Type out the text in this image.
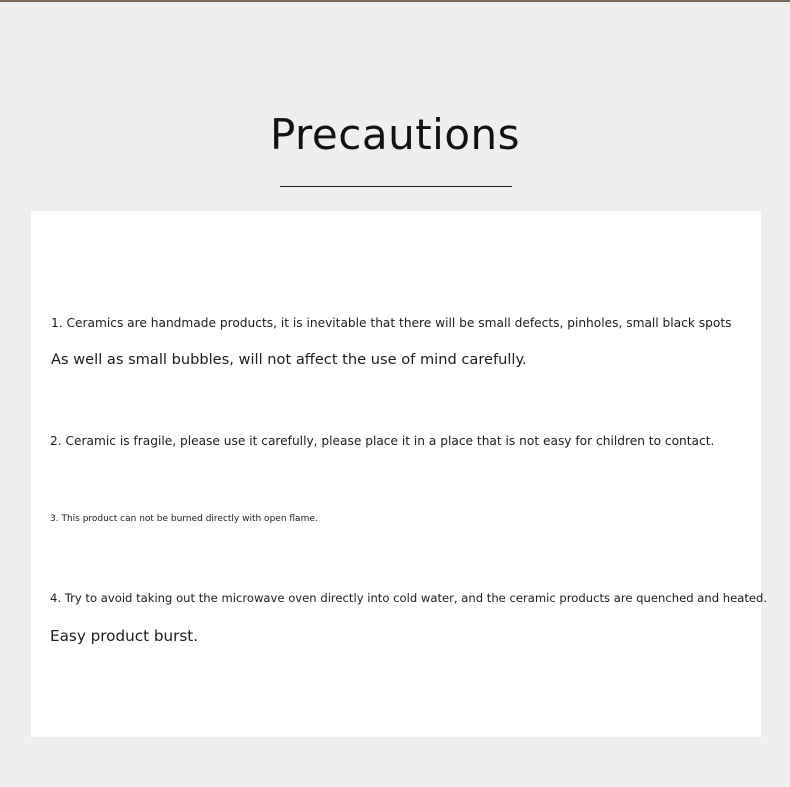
Precautions
1. Ceramics are handmade products, it is inevitable that there will be small defects, pinholes, small black spots
As well as small bubbles, will not affect the use of mind carefully.
2. Ceramic is fragile, please use it carefully, please place it in a place that is not easy for children to contact.
3. This product can not be burned directly with open flame.
4. Try to avoid taking out the microwave oven directly into cold water, and the ceramic products are quenched and heated.
Easy product burst.
